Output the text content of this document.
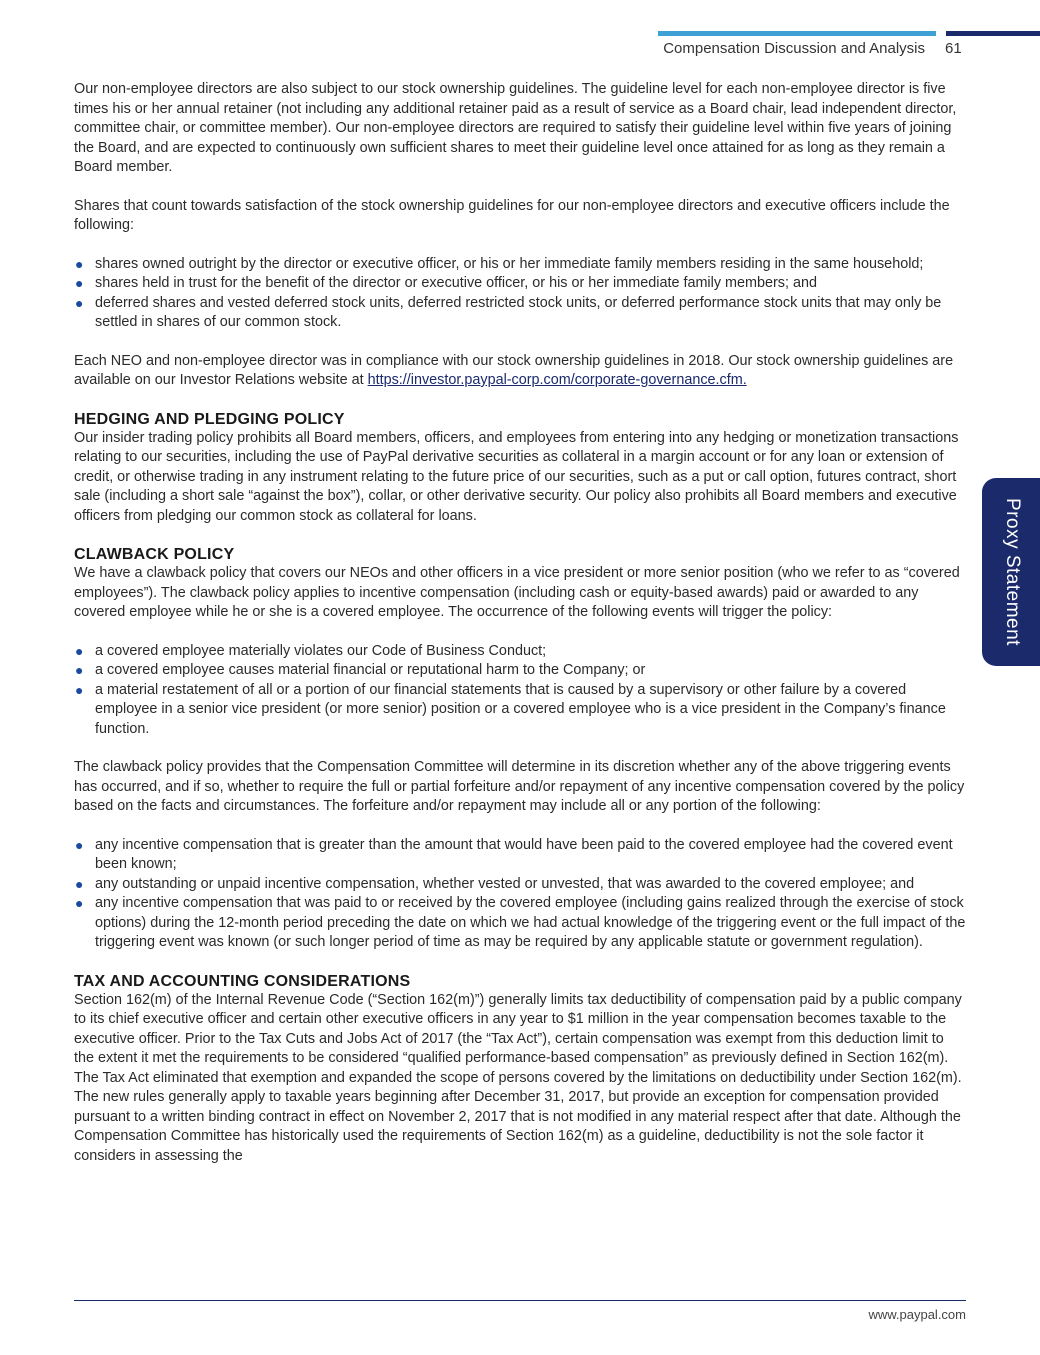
Compensation Discussion and Analysis 61

Our non-employee directors are also subject to our stock ownership guidelines. The guideline level for each non-employee director is five times his or her annual retainer (not including any additional retainer paid as a result of service as a Board chair, lead independent director, committee chair, or committee member). Our non-employee directors are required to satisfy their guideline level within five years of joining the Board, and are expected to continuously own sufficient shares to meet their guideline level once attained for as long as they remain a Board member.

Shares that count towards satisfaction of the stock ownership guidelines for our non-employee directors and executive officers include the following:

● shares owned outright by the director or executive officer, or his or her immediate family members residing in the same household;
● shares held in trust for the benefit of the director or executive officer, or his or her immediate family members; and
● deferred shares and vested deferred stock units, deferred restricted stock units, or deferred performance stock units that may only be settled in shares of our common stock.

Each NEO and non-employee director was in compliance with our stock ownership guidelines in 2018. Our stock ownership guidelines are available on our Investor Relations website at https://investor.paypal-corp.com/corporate-governance.cfm.

HEDGING AND PLEDGING POLICY

Our insider trading policy prohibits all Board members, officers, and employees from entering into any hedging or monetization transactions relating to our securities, including the use of PayPal derivative securities as collateral in a margin account or for any loan or extension of credit, or otherwise trading in any instrument relating to the future price of our securities, such as a put or call option, futures contract, short sale (including a short sale “against the box”), collar, or other derivative security. Our policy also prohibits all Board members and executive officers from pledging our common stock as collateral for loans.

CLAWBACK POLICY

We have a clawback policy that covers our NEOs and other officers in a vice president or more senior position (who we refer to as “covered employees”). The clawback policy applies to incentive compensation (including cash or equity-based awards) paid or awarded to any covered employee while he or she is a covered employee. The occurrence of the following events will trigger the policy:

● a covered employee materially violates our Code of Business Conduct;
● a covered employee causes material financial or reputational harm to the Company; or
● a material restatement of all or a portion of our financial statements that is caused by a supervisory or other failure by a covered employee in a senior vice president (or more senior) position or a covered employee who is a vice president in the Company’s finance function.

The clawback policy provides that the Compensation Committee will determine in its discretion whether any of the above triggering events has occurred, and if so, whether to require the full or partial forfeiture and/or repayment of any incentive compensation covered by the policy based on the facts and circumstances. The forfeiture and/or repayment may include all or any portion of the following:

● any incentive compensation that is greater than the amount that would have been paid to the covered employee had the covered event been known;
● any outstanding or unpaid incentive compensation, whether vested or unvested, that was awarded to the covered employee; and
● any incentive compensation that was paid to or received by the covered employee (including gains realized through the exercise of stock options) during the 12-month period preceding the date on which we had actual knowledge of the triggering event or the full impact of the triggering event was known (or such longer period of time as may be required by any applicable statute or government regulation).
TAX AND ACCOUNTING CONSIDERATIONS

Section 162(m) of the Internal Revenue Code (“Section 162(m)”) generally limits tax deductibility of compensation paid by a public company to its chief executive officer and certain other executive officers in any year to $1 million in the year compensation becomes taxable to the executive officer. Prior to the Tax Cuts and Jobs Act of 2017 (the “Tax Act”), certain compensation was exempt from this deduction limit to the extent it met the requirements to be considered “qualified performance-based compensation” as previously defined in Section 162(m). The Tax Act eliminated that exemption and expanded the scope of persons covered by the limitations on deductibility under Section 162(m). The new rules generally apply to taxable years beginning after December 31, 2017, but provide an exception for compensation provided pursuant to a written binding contract in effect on November 2, 2017 that is not modified in any material respect after that date. Although the Compensation Committee has historically used the requirements of Section 162(m) as a guideline, deductibility is not the sole factor it considers in assessing the

Proxy Statement
www.paypal.com
